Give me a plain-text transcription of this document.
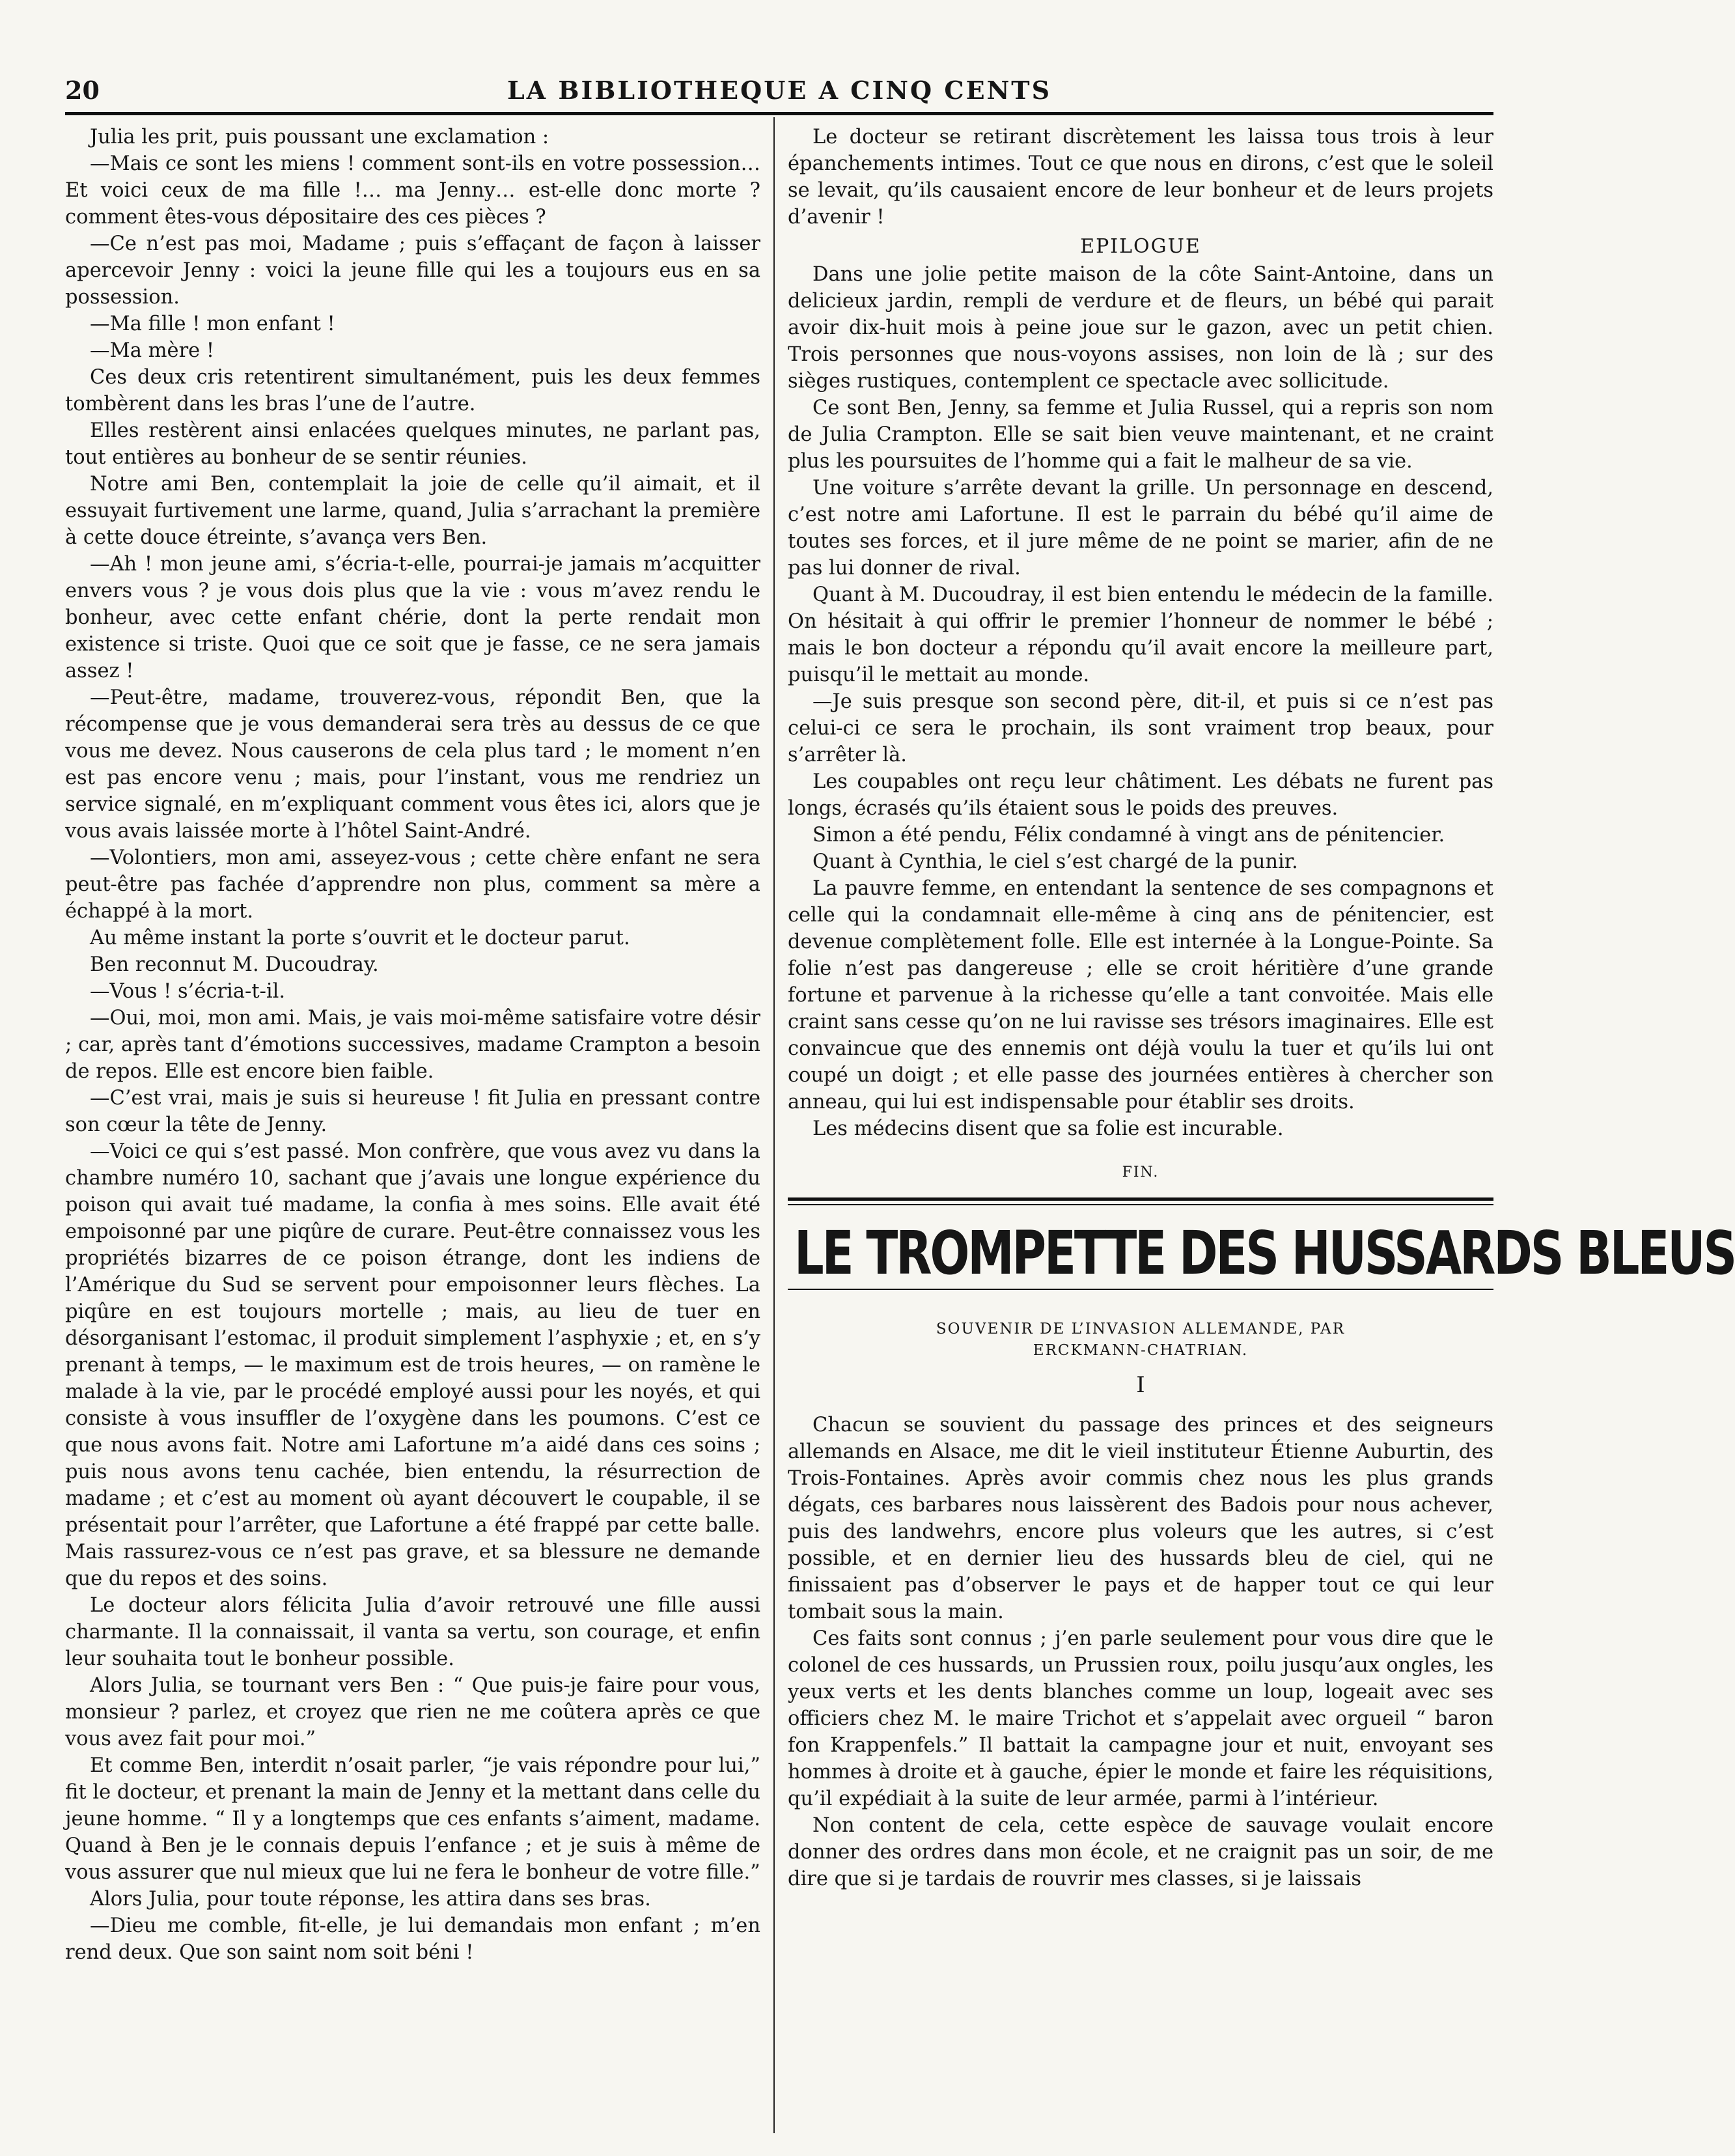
20	LA BIBLIOTHEQUE A CINQ CENTS

Julia les prit, puis poussant une exclamation :

—Mais ce sont les miens ! comment sont-ils en votre possession… Et voici ceux de ma fille !… ma Jenny… est-elle donc morte ? comment êtes-vous dépositaire des ces pièces ?

—Ce n’est pas moi, Madame ; puis s’effaçant de façon à laisser apercevoir Jenny : voici la jeune fille qui les a toujours eus en sa possession.

—Ma fille ! mon enfant !

—Ma mère !

Ces deux cris retentirent simultanément, puis les deux femmes tombèrent dans les bras l’une de l’autre.

Elles restèrent ainsi enlacées quelques minutes, ne parlant pas, tout entières au bonheur de se sentir réunies.

Notre ami Ben, contemplait la joie de celle qu’il aimait, et il essuyait furtivement une larme, quand, Julia s’arrachant la première à cette douce étreinte, s’avança vers Ben.

—Ah ! mon jeune ami, s’écria-t-elle, pourrai-je jamais m’acquitter envers vous ? je vous dois plus que la vie : vous m’avez rendu le bonheur, avec cette enfant chérie, dont la perte rendait mon existence si triste. Quoi que ce soit que je fasse, ce ne sera jamais assez !

—Peut-être, madame, trouverez-vous, répondit Ben, que la récompense que je vous demanderai sera très au dessus de ce que vous me devez. Nous causerons de cela plus tard ; le moment n’en est pas encore venu ; mais, pour l’instant, vous me rendriez un service signalé, en m’expliquant comment vous êtes ici, alors que je vous avais laissée morte à l’hôtel Saint-André.

—Volontiers, mon ami, asseyez-vous ; cette chère enfant ne sera peut-être pas fachée d’apprendre non plus, comment sa mère a échappé à la mort.

Au même instant la porte s’ouvrit et le docteur parut.

Ben reconnut M. Ducoudray.

—Vous ! s’écria-t-il.

—Oui, moi, mon ami. Mais, je vais moi-même satisfaire votre désir ; car, après tant d’émotions successives, madame Crampton a besoin de repos. Elle est encore bien faible.

—C’est vrai, mais je suis si heureuse ! fit Julia en pressant contre son cœur la tête de Jenny.

—Voici ce qui s’est passé. Mon confrère, que vous avez vu dans la chambre numéro 10, sachant que j’avais une longue expérience du poison qui avait tué madame, la confia à mes soins. Elle avait été empoisonné par une piqûre de curare. Peut-être connaissez vous les propriétés bizarres de ce poison étrange, dont les indiens de l’Amérique du Sud se servent pour empoisonner leurs flèches. La piqûre en est toujours mortelle ; mais, au lieu de tuer en désorganisant l’estomac, il produit simplement l’asphyxie ; et, en s’y prenant à temps, — le maximum est de trois heures, — on ramène le malade à la vie, par le procédé employé aussi pour les noyés, et qui consiste à vous insuffler de l’oxygène dans les poumons. C’est ce que nous avons fait. Notre ami Lafortune m’a aidé dans ces soins ; puis nous avons tenu cachée, bien entendu, la résurrection de madame ; et c’est au moment où ayant découvert le coupable, il se présentait pour l’arrêter, que Lafortune a été frappé par cette balle. Mais rassurez-vous ce n’est pas grave, et sa blessure ne demande que du repos et des soins.

Le docteur alors félicita Julia d’avoir retrouvé une fille aussi charmante. Il la connaissait, il vanta sa vertu, son courage, et enfin leur souhaita tout le bonheur possible.

Alors Julia, se tournant vers Ben : “ Que puis-je faire pour vous, monsieur ? parlez, et croyez que rien ne me coûtera après ce que vous avez fait pour moi.”

Et comme Ben, interdit n’osait parler, “je vais répondre pour lui,” fit le docteur, et prenant la main de Jenny et la mettant dans celle du jeune homme. “ Il y a longtemps que ces enfants s’aiment, madame. Quand à Ben je le connais depuis l’enfance ; et je suis à même de vous assurer que nul mieux que lui ne fera le bonheur de votre fille.”

Alors Julia, pour toute réponse, les attira dans ses bras.

—Dieu me comble, fit-elle, je lui demandais mon enfant ; m’en rend deux. Que son saint nom soit béni !

Le docteur se retirant discrètement les laissa tous trois à leur épanchements intimes. Tout ce que nous en dirons, c’est que le soleil se levait, qu’ils causaient encore de leur bonheur et de leurs projets d’avenir !

EPILOGUE

Dans une jolie petite maison de la côte Saint-Antoine, dans un delicieux jardin, rempli de verdure et de fleurs, un bébé qui parait avoir dix-huit mois à peine joue sur le gazon, avec un petit chien. Trois personnes que nous-voyons assises, non loin de là ; sur des sièges rustiques, contemplent ce spectacle avec sollicitude.

Ce sont Ben, Jenny, sa femme et Julia Russel, qui a repris son nom de Julia Crampton. Elle se sait bien veuve maintenant, et ne craint plus les poursuites de l’homme qui a fait le malheur de sa vie.

Une voiture s’arrête devant la grille. Un personnage en descend, c’est notre ami Lafortune. Il est le parrain du bébé qu’il aime de toutes ses forces, et il jure même de ne point se marier, afin de ne pas lui donner de rival.

Quant à M. Ducoudray, il est bien entendu le médecin de la famille. On hésitait à qui offrir le premier l’honneur de nommer le bébé ; mais le bon docteur a répondu qu’il avait encore la meilleure part, puisqu’il le mettait au monde.

—Je suis presque son second père, dit-il, et puis si ce n’est pas celui-ci ce sera le prochain, ils sont vraiment trop beaux, pour s’arrêter là.

Les coupables ont reçu leur châtiment. Les débats ne furent pas longs, écrasés qu’ils étaient sous le poids des preuves.

Simon a été pendu, Félix condamné à vingt ans de pénitencier.

Quant à Cynthia, le ciel s’est chargé de la punir.

La pauvre femme, en entendant la sentence de ses compagnons et celle qui la condamnait elle-même à cinq ans de pénitencier, est devenue complètement folle. Elle est internée à la Longue-Pointe. Sa folie n’est pas dangereuse ; elle se croit héritière d’une grande fortune et parvenue à la richesse qu’elle a tant convoitée. Mais elle craint sans cesse qu’on ne lui ravisse ses trésors imaginaires. Elle est convaincue que des ennemis ont déjà voulu la tuer et qu’ils lui ont coupé un doigt ; et elle passe des journées entières à chercher son anneau, qui lui est indispensable pour établir ses droits.

Les médecins disent que sa folie est incurable.

FIN.
LE TROMPETTE DES HUSSARDS BLEUS
SOUVENIR DE L’INVASION ALLEMANDE, PAR
ERCKMANN-CHATRIAN.
I

Chacun se souvient du passage des princes et des seigneurs allemands en Alsace, me dit le vieil instituteur Étienne Auburtin, des Trois-Fontaines. Après avoir commis chez nous les plus grands dégats, ces barbares nous laissèrent des Badois pour nous achever, puis des landwehrs, encore plus voleurs que les autres, si c’est possible, et en dernier lieu des hussards bleu de ciel, qui ne finissaient pas d’observer le pays et de happer tout ce qui leur tombait sous la main.

Ces faits sont connus ; j’en parle seulement pour vous dire que le colonel de ces hussards, un Prussien roux, poilu jusqu’aux ongles, les yeux verts et les dents blanches comme un loup, logeait avec ses officiers chez M. le maire Trichot et s’appelait avec orgueil “ baron fon Krappenfels.” Il battait la campagne jour et nuit, envoyant ses hommes à droite et à gauche, épier le monde et faire les réquisitions, qu’il expédiait à la suite de leur armée, parmi à l’intérieur.

Non content de cela, cette espèce de sauvage voulait encore donner des ordres dans mon école, et ne craignit pas un soir, de me dire que si je tardais de rouvrir mes classes, si je laissais
